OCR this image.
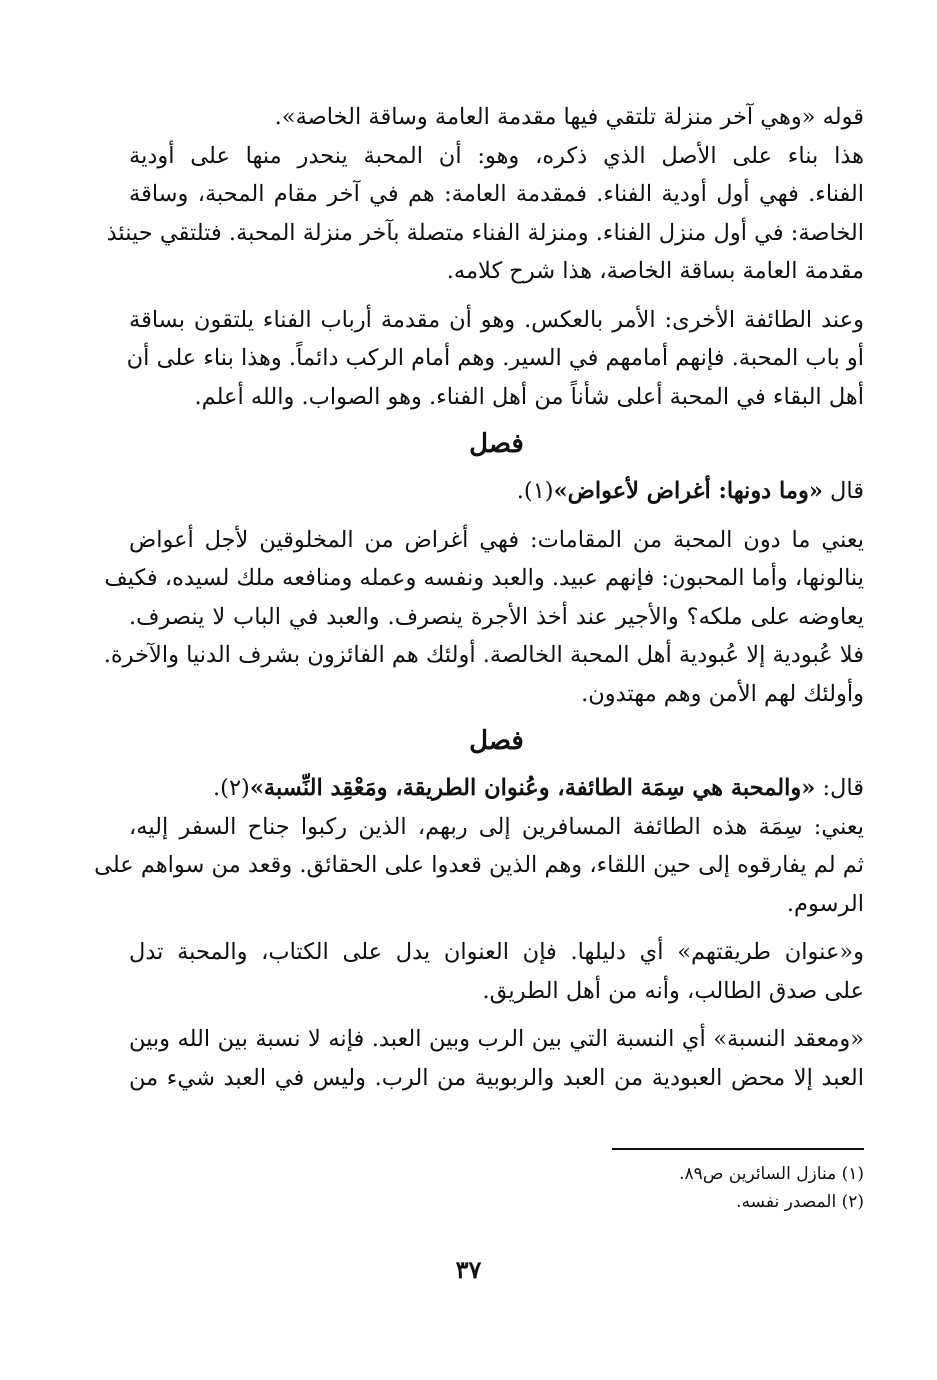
قوله «وهي آخر منزلة تلتقي فيها مقدمة العامة وساقة الخاصة».
هذا بناء على الأصل الذي ذكره، وهو: أن المحبة ينحدر منها على أودية
الفناء. فهي أول أودية الفناء. فمقدمة العامة: هم في آخر مقام المحبة، وساقة
الخاصة: في أول منزل الفناء. ومنزلة الفناء متصلة بآخر منزلة المحبة. فتلتقي حينئذ
مقدمة العامة بساقة الخاصة، هذا شرح كلامه.
وعند الطائفة الأخرى: الأمر بالعكس. وهو أن مقدمة أرباب الفناء يلتقون بساقة
أو باب المحبة. فإنهم أمامهم في السير. وهم أمام الركب دائماً. وهذا بناء على أن
أهل البقاء في المحبة أعلى شأناً من أهل الفناء. وهو الصواب. والله أعلم.
فصل
قال «وما دونها: أغراض لأعواض»(١).
يعني ما دون المحبة من المقامات: فهي أغراض من المخلوقين لأجل أعواض
ينالونها، وأما المحبون: فإنهم عبيد. والعبد ونفسه وعمله ومنافعه ملك لسيده، فكيف
يعاوضه على ملكه؟ والأجير عند أخذ الأجرة ينصرف. والعبد في الباب لا ينصرف.
فلا عُبودية إلا عُبودية أهل المحبة الخالصة. أولئك هم الفائزون بشرف الدنيا والآخرة.
وأولئك لهم الأمن وهم مهتدون.
فصل
قال: «والمحبة هي سِمَة الطائفة، وعُنوان الطريقة، ومَعْقِد النِّسبة»(٢).
يعني: سِمَة هذه الطائفة المسافرين إلى ربهم، الذين ركبوا جناح السفر إليه،
ثم لم يفارقوه إلى حين اللقاء، وهم الذين قعدوا على الحقائق. وقعد من سواهم على
الرسوم.
و«عنوان طريقتهم» أي دليلها. فإن العنوان يدل على الكتاب، والمحبة تدل
على صدق الطالب، وأنه من أهل الطريق.
«ومعقد النسبة» أي النسبة التي بين الرب وبين العبد. فإنه لا نسبة بين الله وبين
العبد إلا محض العبودية من العبد والربوبية من الرب. وليس في العبد شيء من
(١) منازل السائرين ص٨٩.
(٢) المصدر نفسه.
٣٧
